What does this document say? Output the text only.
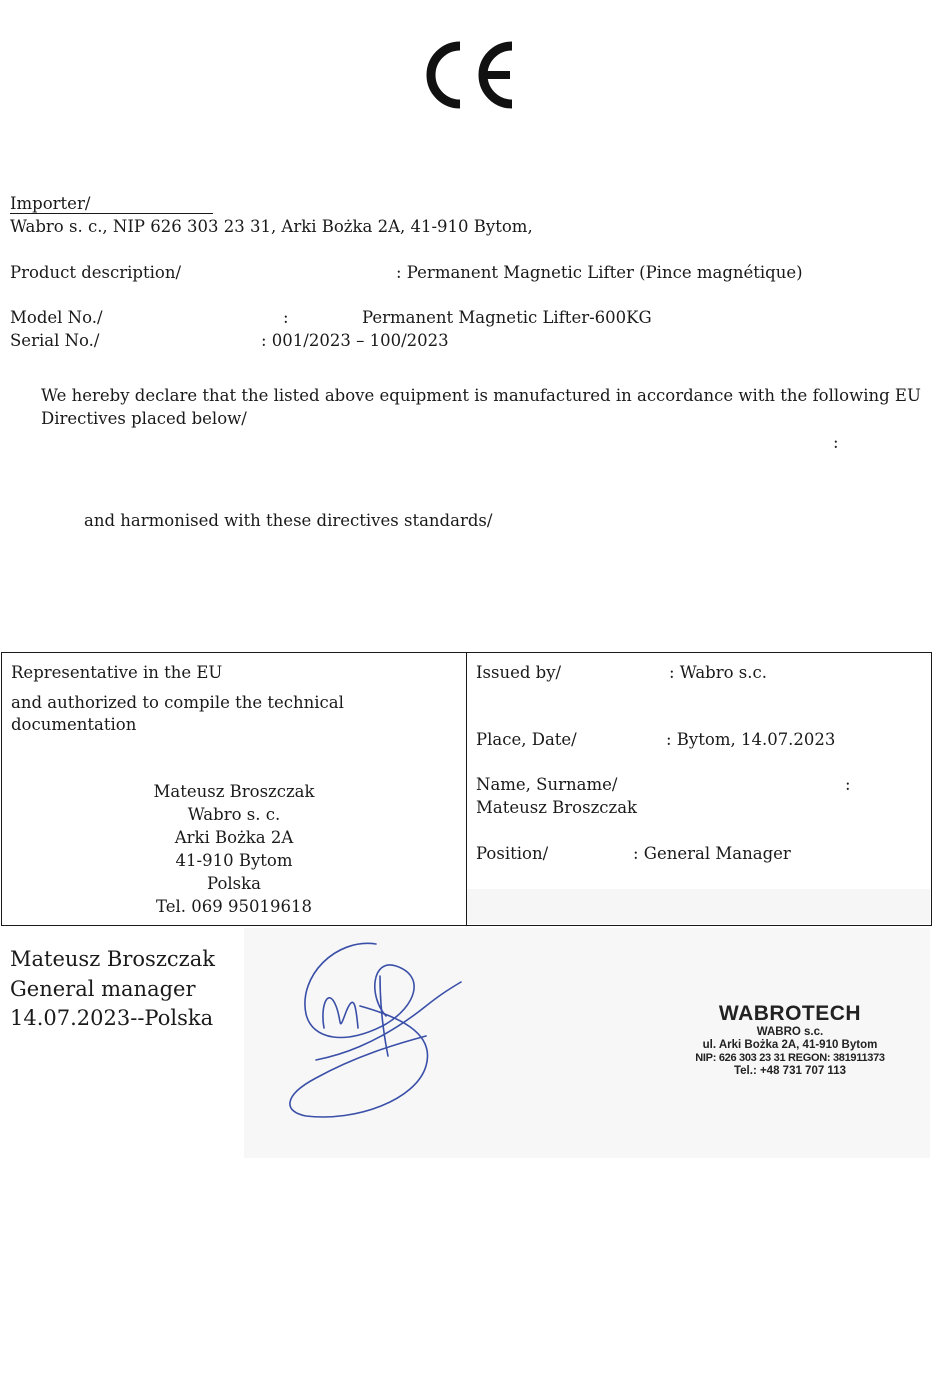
Importer/
Wabro s. c., NIP 626 303 23 31, Arki Bożka 2A, 41-910 Bytom,
Product description/	: Permanent Magnetic Lifter (Pince magnétique)
Model No./	:	Permanent Magnetic Lifter-600KG
Serial No./	: 001/2023 – 100/2023
We hereby declare that the listed above equipment is manufactured in accordance with the following EU
Directives placed below/
:
and harmonised with these directives standards/
Representative in the EU
and authorized to compile the technical
documentation
Mateusz Broszczak
Wabro s. c.
Arki Bożka 2A
41-910 Bytom
Polska
Tel. 069 95019618
Issued by/	: Wabro s.c.
Place, Date/	: Bytom, 14.07.2023
Name, Surname/	:
Mateusz Broszczak
Position/	: General Manager
Mateusz Broszczak
General manager
14.07.2023--Polska	WABROTECH
WABRO s.c.
ul. Arki Bożka 2A, 41-910 Bytom
NIP: 626 303 23 31 REGON: 381911373
Tel.: +48 731 707 113
